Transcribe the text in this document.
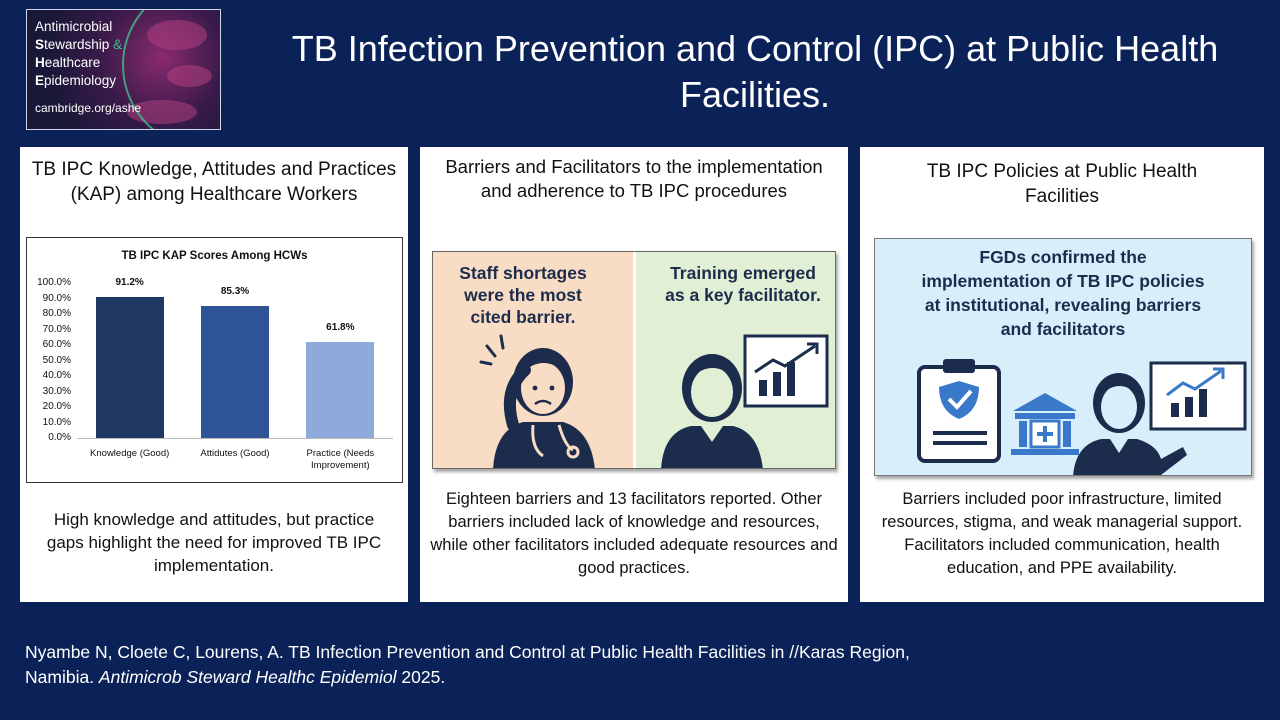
Antimicrobial
Stewardship &
Healthcare
Epidemiology
cambridge.org/ashe
TB Infection Prevention and Control (IPC) at Public Health Facilities.
TB IPC Knowledge, Attitudes and Practices (KAP) among Healthcare Workers
TB IPC KAP Scores Among HCWs
100.0%
90.0%
80.0%
70.0%
60.0%
50.0%
40.0%
30.0%
20.0%
10.0%
0.0%
91.2%
Knowledge (Good)
85.3%
Attidutes (Good)
61.8%
Practice (Needs Improvement)
High knowledge and attitudes, but practice gaps highlight the need for improved TB IPC implementation.
Barriers and Facilitators to the implementation and adherence to TB IPC procedures
Staff shortages were the most cited barrier.
Training emerged as a key facilitator.
Eighteen barriers and 13 facilitators reported. Other barriers included lack of knowledge and resources, while other facilitators included adequate resources and good practices.
TB IPC Policies at Public Health Facilities
FGDs confirmed the implementation of TB IPC policies at institutional, revealing barriers and facilitators
Barriers included poor infrastructure, limited resources, stigma, and weak managerial support. Facilitators included communication, health education, and PPE availability.
Nyambe N, Cloete C, Lourens, A. TB Infection Prevention and Control at Public Health Facilities in //Karas Region, Namibia. Antimicrob Steward Healthc Epidemiol 2025.
